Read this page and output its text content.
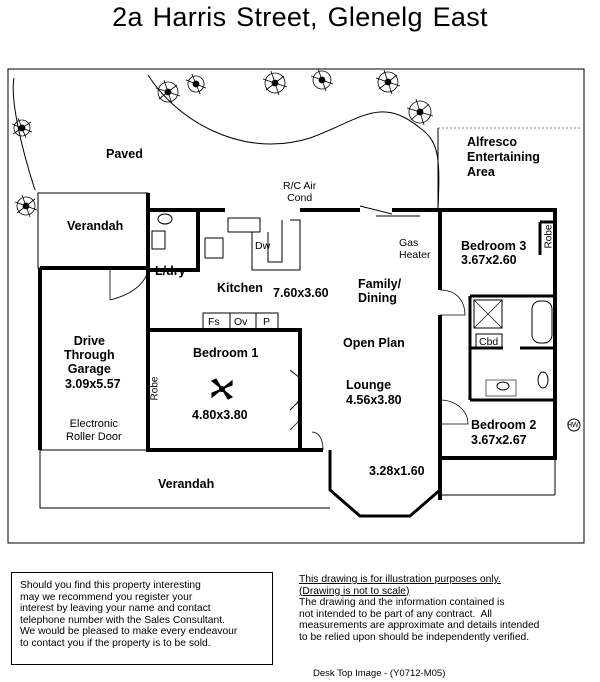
2a Harris Street, Glenelg East
Paved
Alfresco
Entertaining
Area
Verandah
L/dry
Kitchen 7.60x3.60
R/C Air
Cond
Dw
Fs Ov P
Gas
Heater
Family/
Dining
Open Plan
Lounge
4.56x3.80
3.28x1.60
Bedroom 1
4.80x3.80
Robe
Bedroom 2
3.67x2.67
Bedroom 3
3.67x2.60
Robe
Cbd
HW
Drive
Through
Garage
3.09x5.57
Electronic
Roller Door
Verandah
Should you find this property interesting
may we recommend you register your
interest by leaving your name and contact
telephone number with the Sales Consultant.
We would be pleased to make every endeavour
to contact you if the property is to be sold.
This drawing is for illustration purposes only.
(Drawing is not to scale)
The drawing and the information contained is
not intended to be part of any contract.  All
measurements are approximate and details intended
to be relied upon should be independently verified.
Desk Top Image - (Y0712-M05)
